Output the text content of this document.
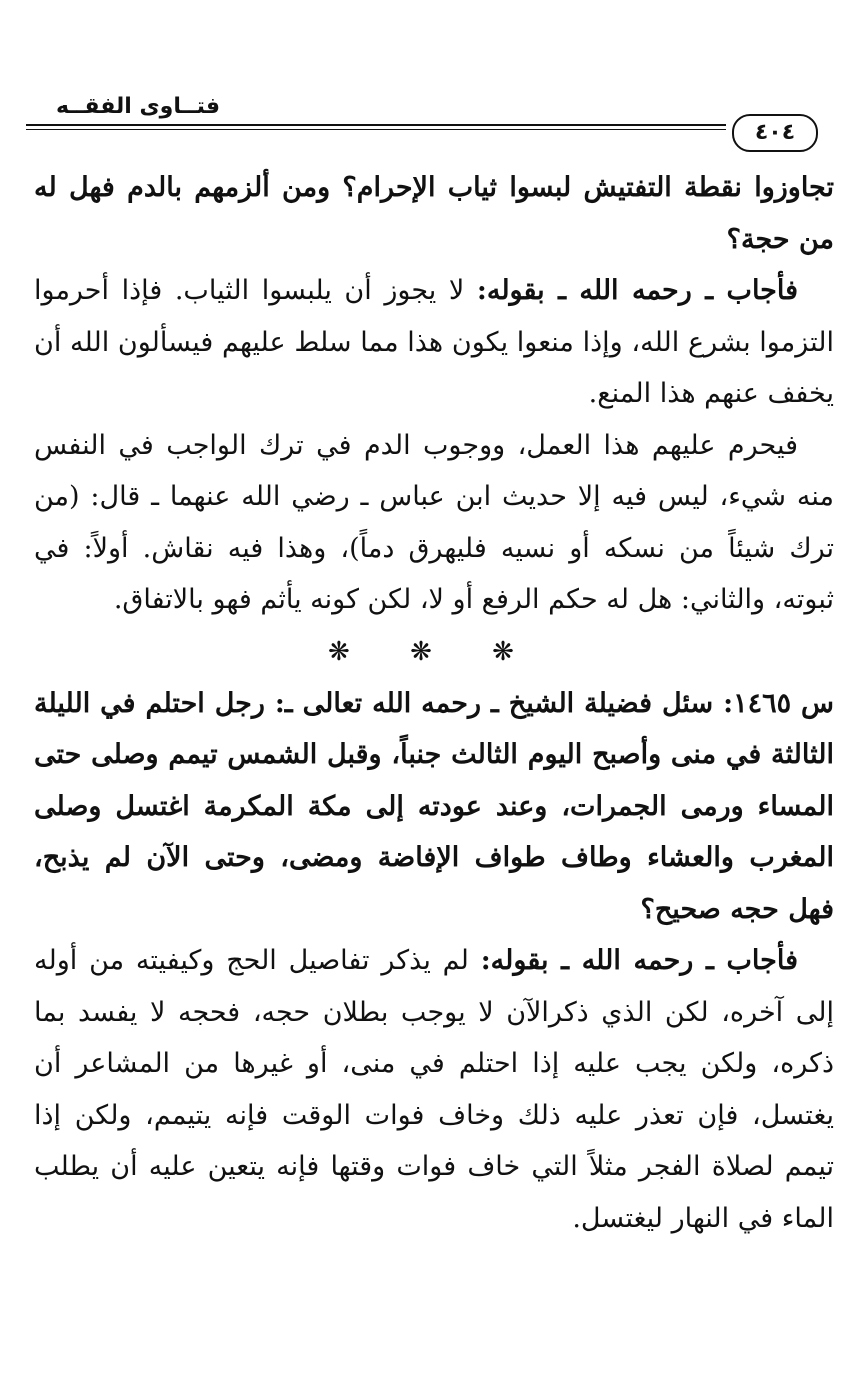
فتــاوى الفقــه
٤٠٤

تجاوزوا نقطة التفتيش لبسوا ثياب الإحرام؟ ومن ألزمهم بالدم فهل له من حجة؟

فأجاب ـ رحمه الله ـ بقوله: لا يجوز أن يلبسوا الثياب. فإذا أحرموا التزموا بشرع الله، وإذا منعوا يكون هذا مما سلط عليهم فيسألون الله أن يخفف عنهم هذا المنع.

فيحرم عليهم هذا العمل، ووجوب الدم في ترك الواجب في النفس منه شيء، ليس فيه إلا حديث ابن عباس ـ رضي الله عنهما ـ قال: (من ترك شيئاً من نسكه أو نسيه فليهرق دماً)، وهذا فيه نقاش. أولاً: في ثبوته، والثاني: هل له حكم الرفع أو لا، لكن كونه يأثم فهو بالاتفاق.

❋ ❋ ❋

س ١٤٦٥: سئل فضيلة الشيخ ـ رحمه الله تعالى ـ: رجل احتلم في الليلة الثالثة في منى وأصبح اليوم الثالث جنباً، وقبل الشمس تيمم وصلى حتى المساء ورمى الجمرات، وعند عودته إلى مكة المكرمة اغتسل وصلى المغرب والعشاء وطاف طواف الإفاضة ومضى، وحتى الآن لم يذبح، فهل حجه صحيح؟

فأجاب ـ رحمه الله ـ بقوله: لم يذكر تفاصيل الحج وكيفيته من أوله إلى آخره، لكن الذي ذكرالآن لا يوجب بطلان حجه، فحجه لا يفسد بما ذكره، ولكن يجب عليه إذا احتلم في منى، أو غيرها من المشاعر أن يغتسل، فإن تعذر عليه ذلك وخاف فوات الوقت فإنه يتيمم، ولكن إذا تيمم لصلاة الفجر مثلاً التي خاف فوات وقتها فإنه يتعين عليه أن يطلب الماء في النهار ليغتسل.
